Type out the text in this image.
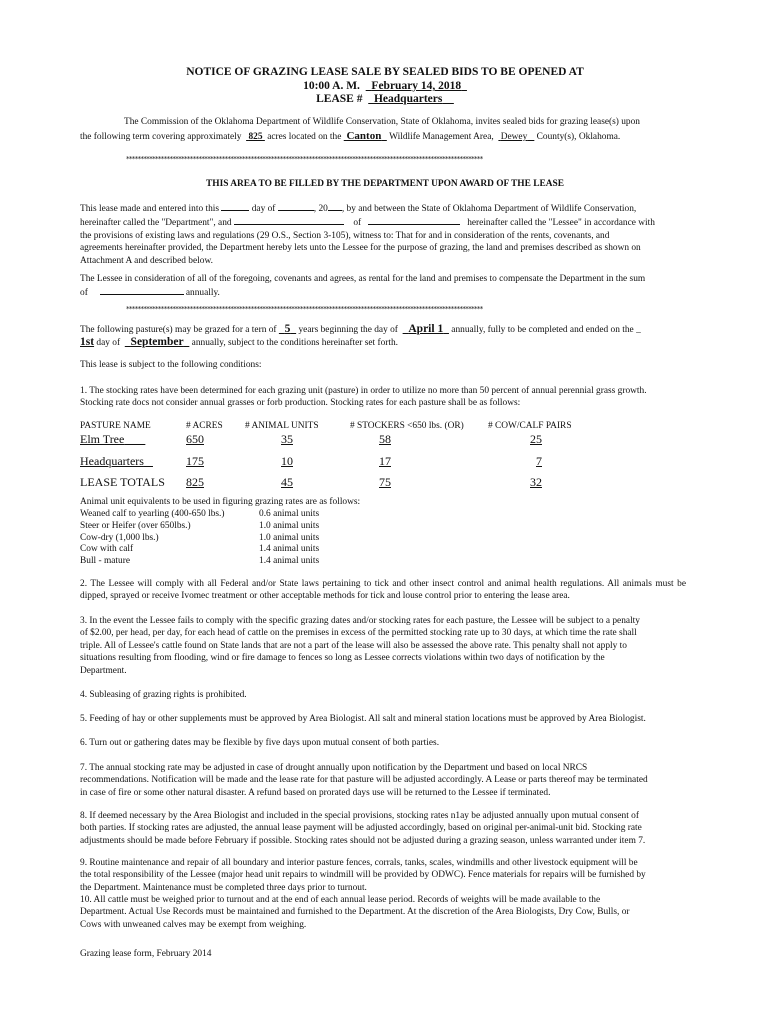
NOTICE OF GRAZING LEASE SALE BY SEALED BIDS TO BE OPENED AT
10:00 A. M. February 14, 2018
LEASE # Headquarters
The Commission of the Oklahoma Department of Wildlife Conservation, State of Oklahoma, invites sealed bids for grazing lease(s) upon
the following term covering approximately 825 acres located on the Canton Wildlife Management Area, Dewey County(s), Oklahoma.
***************************************************************************************************************************
THIS AREA TO BE FILLED BY THE DEPARTMENT UPON AWARD OF THE LEASE
This lease made and entered into this	day of	, 20 , by and between the State of Oklahoma Department of Wildlife Conservation,
hereinafter called the "Department", and	of	hereinafter called the "Lessee" in accordance with
the provisions of existing laws and regulations (29 O.S., Section 3-105), witness to: That for and in consideration of the rents, covenants, and
agreements hereinafter provided, the Department hereby lets unto the Lessee for the purpose of grazing, the land and premises described as shown on
Attachment A and described below.
The Lessee in consideration of all of the foregoing, covenants and agrees, as rental for the land and premises to compensate the Department in the sum
of	annually.
***************************************************************************************************************************
The following pasture(s) may be grazed for a tern of 5 years beginning the day of April 1 annually, fully to be completed and ended on the _
1st day of September annually, subject to the conditions hereinafter set forth.
This lease is subject to the following conditions:
1. The stocking rates have been determined for each grazing unit (pasture) in order to utilize no more than 50 percent of annual perennial grass growth.
Stocking rate docs not consider annual grasses or forb production. Stocking rates for each pasture shall be as follows:
PASTURE NAME	# ACRES # ANIMAL UNITS	# STOCKERS <650 lbs. (OR)	# COW/CALF PAIRS
Elm Tree	650	35	58	25
Headquarters	175	10	17	7
LEASE TOTALS 825	45	75	32
Animal unit equivalents to be used in figuring grazing rates are as follows:
Weaned calf to yearling (400-650 lbs.)	0.6 animal units
Steer or Heifer (over 650lbs.)	1.0 animal units
Cow-dry (1,000 lbs.)	1.0 animal units
Cow with calf	1.4 animal units
Bull - mature	1.4 animal units
2. The Lessee will comply with all Federal and/or State laws pertaining to tick and other insect control and animal health regulations. All animals must be dipped, sprayed or receive Ivomec treatment or other acceptable methods for tick and louse control prior to entering the lease area.
3. In the event the Lessee fails to comply with the specific grazing dates and/or stocking rates for each pasture, the Lessee will be subject to a penalty
of $2.00, per head, per day, for each head of cattle on the premises in excess of the permitted stocking rate up to 30 days, at which time the rate shall
triple. All of Lessee's cattle found on State lands that are not a part of the lease will also be assessed the above rate. This penalty shall not apply to
situations resulting from flooding, wind or fire damage to fences so long as Lessee corrects violations within two days of notification by the
Department.
4. Subleasing of grazing rights is prohibited.
5. Feeding of hay or other supplements must be approved by Area Biologist. All salt and mineral station locations must be approved by Area Biologist.
6. Turn out or gathering dates may be flexible by five days upon mutual consent of both parties.
7. The annual stocking rate may be adjusted in case of drought annually upon notification by the Department und based on local NRCS
recommendations. Notification will be made and the lease rate for that pasture will be adjusted accordingly. A Lease or parts thereof may be terminated
in case of fire or some other natural disaster. A refund based on prorated days use will be returned to the Lessee if terminated.
8. If deemed necessary by the Area Biologist and included in the special provisions, stocking rates n1ay be adjusted annually upon mutual consent of
both parties. If stocking rates are adjusted, the annual lease payment will be adjusted accordingly, based on original per-animal-unit bid. Stocking rate
adjustments should be made before February if possible. Stocking rates should not be adjusted during a grazing season, unless warranted under item 7.
9. Routine maintenance and repair of all boundary and interior pasture fences, corrals, tanks, scales, windmills and other livestock equipment will be
the total responsibility of the Lessee (major head unit repairs to windmill will be provided by ODWC). Fence materials for repairs will be furnished by
the Department. Maintenance must be completed three days prior to turnout.
10. All cattle must be weighed prior to turnout and at the end of each annual lease period. Records of weights will be made available to the
Department. Actual Use Records must be maintained and furnished to the Department. At the discretion of the Area Biologists, Dry Cow, Bulls, or
Cows with unweaned calves may be exempt from weighing.
Grazing lease form, February 2014
